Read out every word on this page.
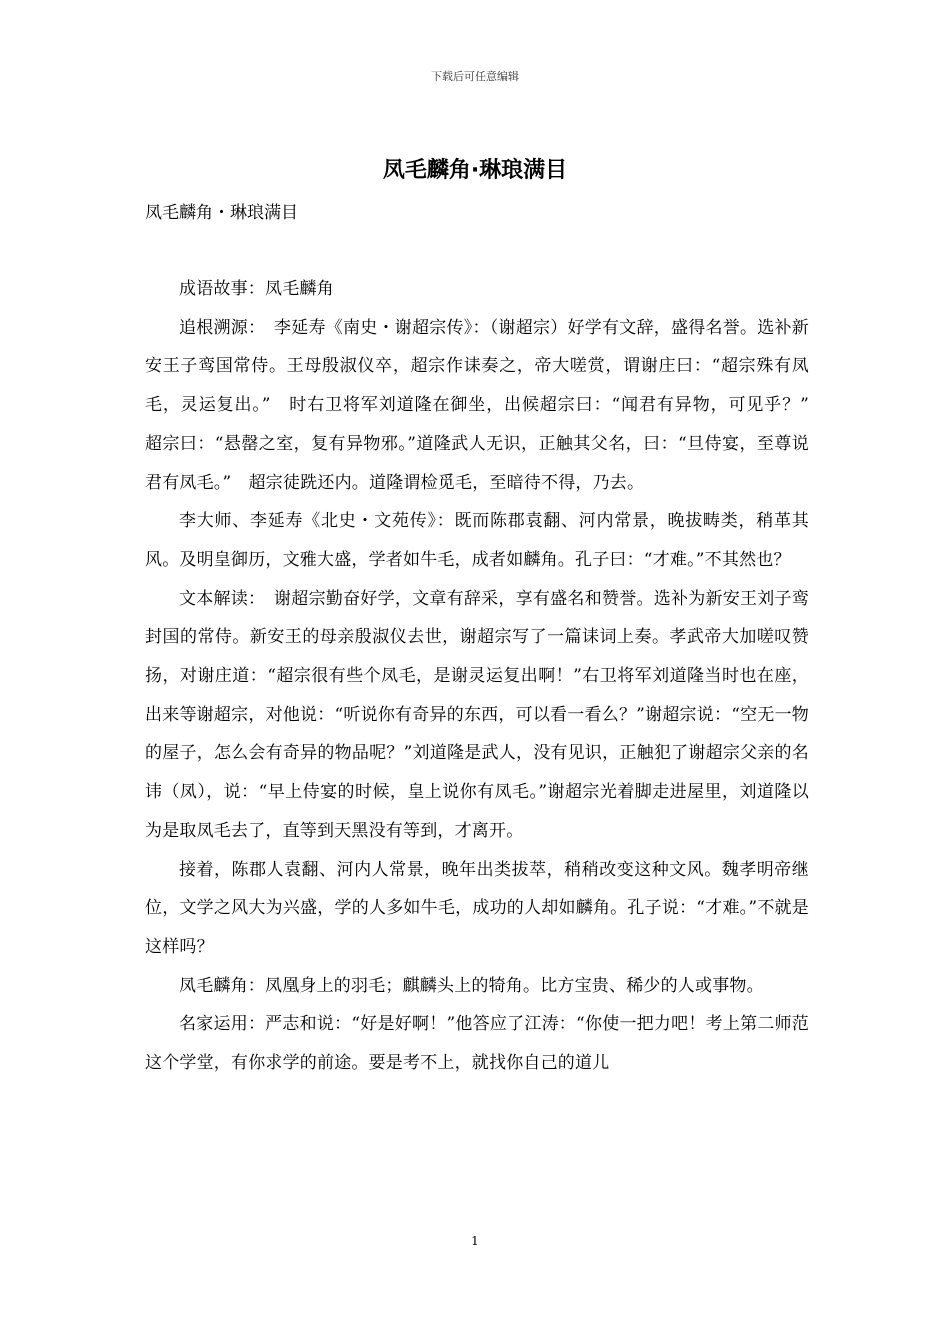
下载后可任意编辑
凤毛麟角·琳琅满目
凤毛麟角・琳琅满目

成语故事：凤毛麟角

追根溯源：　李延寿《南史・谢超宗传》：（谢超宗）好学有文辞，盛得名誉。选补新安王子鸾国常侍。王母殷淑仪卒，超宗作诔奏之，帝大嗟赏，谓谢庄曰：“超宗殊有凤毛，灵运复出。”　时右卫将军刘道隆在御坐，出候超宗曰：“闻君有异物，可见乎？”　超宗曰：“悬罄之室，复有异物邪。”道隆武人无识，正触其父名，曰：“旦侍宴，至尊说君有凤毛。”　超宗徒跣还内。道隆谓检觅毛，至暗待不得，乃去。

李大师、李延寿《北史・文苑传》：既而陈郡袁翻、河内常景，晚拔畴类，稍革其风。及明皇御历，文雅大盛，学者如牛毛，成者如麟角。孔子曰：“才难。”不其然也？

文本解读：　谢超宗勤奋好学，文章有辞采，享有盛名和赞誉。选补为新安王刘子鸾封国的常侍。新安王的母亲殷淑仪去世，谢超宗写了一篇诔词上奏。孝武帝大加嗟叹赞扬，对谢庄道：“超宗很有些个凤毛，是谢灵运复出啊！”右卫将军刘道隆当时也在座，出来等谢超宗，对他说：“听说你有奇异的东西，可以看一看么？”谢超宗说：“空无一物的屋子，怎么会有奇异的物品呢？”刘道隆是武人，没有见识，正触犯了谢超宗父亲的名讳（凤），说：“早上侍宴的时候，皇上说你有凤毛。”谢超宗光着脚走进屋里，刘道隆以为是取凤毛去了，直等到天黑没有等到，才离开。

接着，陈郡人袁翻、河内人常景，晚年出类拔萃，稍稍改变这种文风。魏孝明帝继位，文学之风大为兴盛，学的人多如牛毛，成功的人却如麟角。孔子说：“才难。”不就是这样吗？

凤毛麟角：凤凰身上的羽毛；麒麟头上的犄角。比方宝贵、稀少的人或事物。

名家运用：严志和说：“好是好啊！”他答应了江涛：“你使一把力吧！考上第二师范这个学堂，有你求学的前途。要是考不上，就找你自己的道儿

1
